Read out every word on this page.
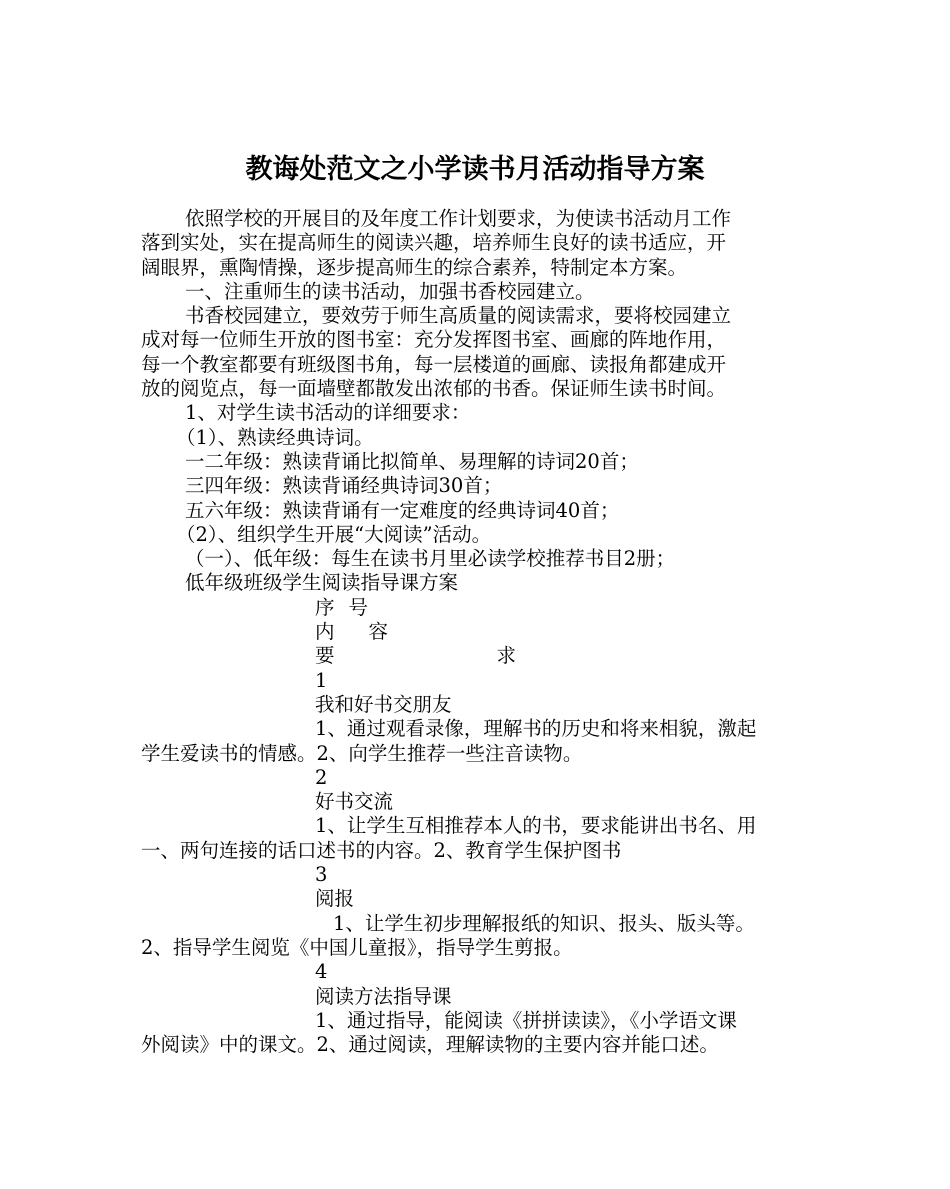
教诲处范文之小学读书月活动指导方案

依照学校的开展目的及年度工作计划要求，为使读书活动月工作

落到实处，实在提高师生的阅读兴趣，培养师生良好的读书适应，开

阔眼界，熏陶情操，逐步提高师生的综合素养，特制定本方案。

一、注重师生的读书活动，加强书香校园建立。

书香校园建立，要效劳于师生高质量的阅读需求，要将校园建立

成对每一位师生开放的图书室：充分发挥图书室、画廊的阵地作用，

每一个教室都要有班级图书角，每一层楼道的画廊、读报角都建成开

放的阅览点，每一面墙壁都散发出浓郁的书香。保证师生读书时间。

1、对学生读书活动的详细要求：

（1）、熟读经典诗词。

一二年级：熟读背诵比拟简单、易理解的诗词20首；

三四年级：熟读背诵经典诗词30首；

五六年级：熟读背诵有一定难度的经典诗词40首；

（2）、组织学生开展“大阅读”活动。

（一）、低年级：每生在读书月里必读学校推荐书目2册；

低年级班级学生阅读指导课方案

序 号

内 容

要	求

1

我和好书交朋友

1、通过观看录像，理解书的历史和将来相貌，激起

学生爱读书的情感。2、向学生推荐一些注音读物。

2

好书交流

1、让学生互相推荐本人的书，要求能讲出书名、用

一、两句连接的话口述书的内容。2、教育学生保护图书

3

阅报

1、让学生初步理解报纸的知识、报头、版头等。

2、指导学生阅览《中国儿童报》，指导学生剪报。

4

阅读方法指导课

1、通过指导，能阅读《拼拼读读》，《小学语文课

外阅读》中的课文。2、通过阅读，理解读物的主要内容并能口述。
